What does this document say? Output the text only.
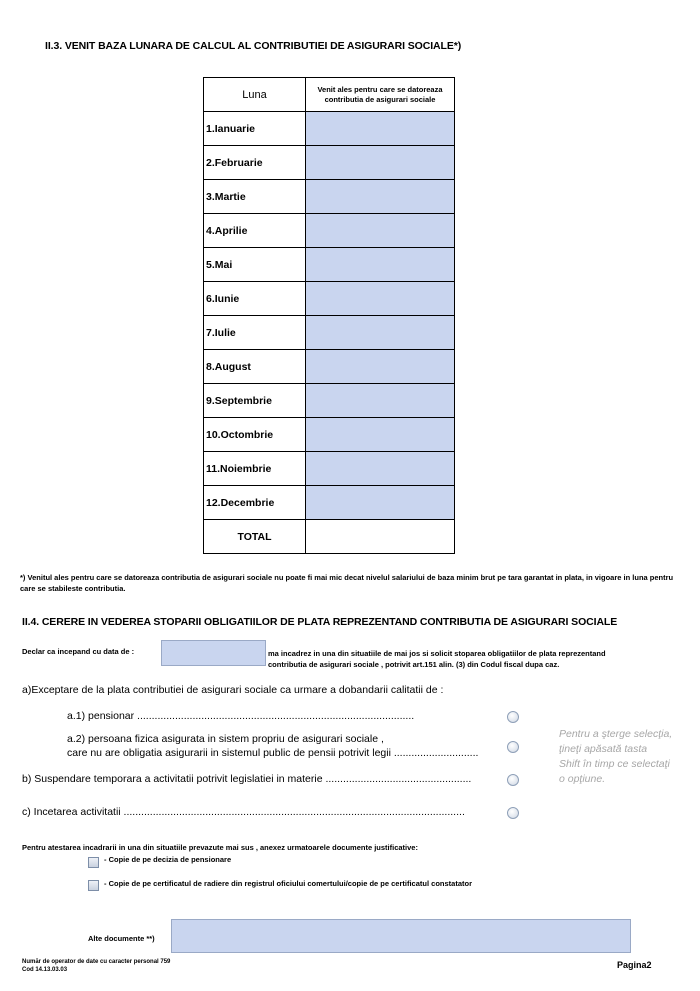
II.3. VENIT BAZA LUNARA DE CALCUL AL CONTRIBUTIEI DE ASIGURARI SOCIALE*)
Luna	Venit ales pentru care se datoreaza contributia de asigurari sociale
1.Ianuarie	
2.Februarie	
3.Martie	
4.Aprilie	
5.Mai	
6.Iunie	
7.Iulie	
8.August	
9.Septembrie	
10.Octombrie	
11.Noiembrie	
12.Decembrie	
TOTAL	
*) Venitul ales pentru care se datoreaza contributia de asigurari sociale nu poate fi mai mic decat nivelul salariului de baza minim brut pe tara garantat in plata, in vigoare in luna pentru care se stabileste contributia.
II.4. CERERE IN VEDEREA STOPARII OBLIGATIILOR DE PLATA REPREZENTAND CONTRIBUTIA DE ASIGURARI SOCIALE
Declar ca incepand cu data de :	ma incadrez in una din situatiile de mai jos si solicit stoparea obligatiilor de plata reprezentand
contributia de asigurari sociale , potrivit art.151 alin. (3) din Codul fiscal dupa caz.
a)Exceptare de la plata contributiei de asigurari sociale ca urmare a dobandarii calitatii de :
a.1) pensionar ...............................................................................................
a.2) persoana fizica asigurata in sistem propriu de asigurari sociale ,
care nu are obligatia asigurarii in sistemul public de pensii potrivit legii .............................
b) Suspendare temporara a activitatii potrivit legislatiei in materie ..................................................
c) Incetarea activitatii .....................................................................................................................
Pentru a şterge selecţia,
ţineţi apăsată tasta
Shift în timp ce selectaţi
o opţiune.
Pentru atestarea incadrarii in una din situatiile prevazute mai sus , anexez urmatoarele documente justificative:
- Copie de pe decizia de pensionare
- Copie de pe certificatul de radiere din registrul oficiului comertului/copie de pe certificatul constatator
Alte documente **)
Număr de operator de date cu caracter personal 759
Cod 14.13.03.03	Pagina2
